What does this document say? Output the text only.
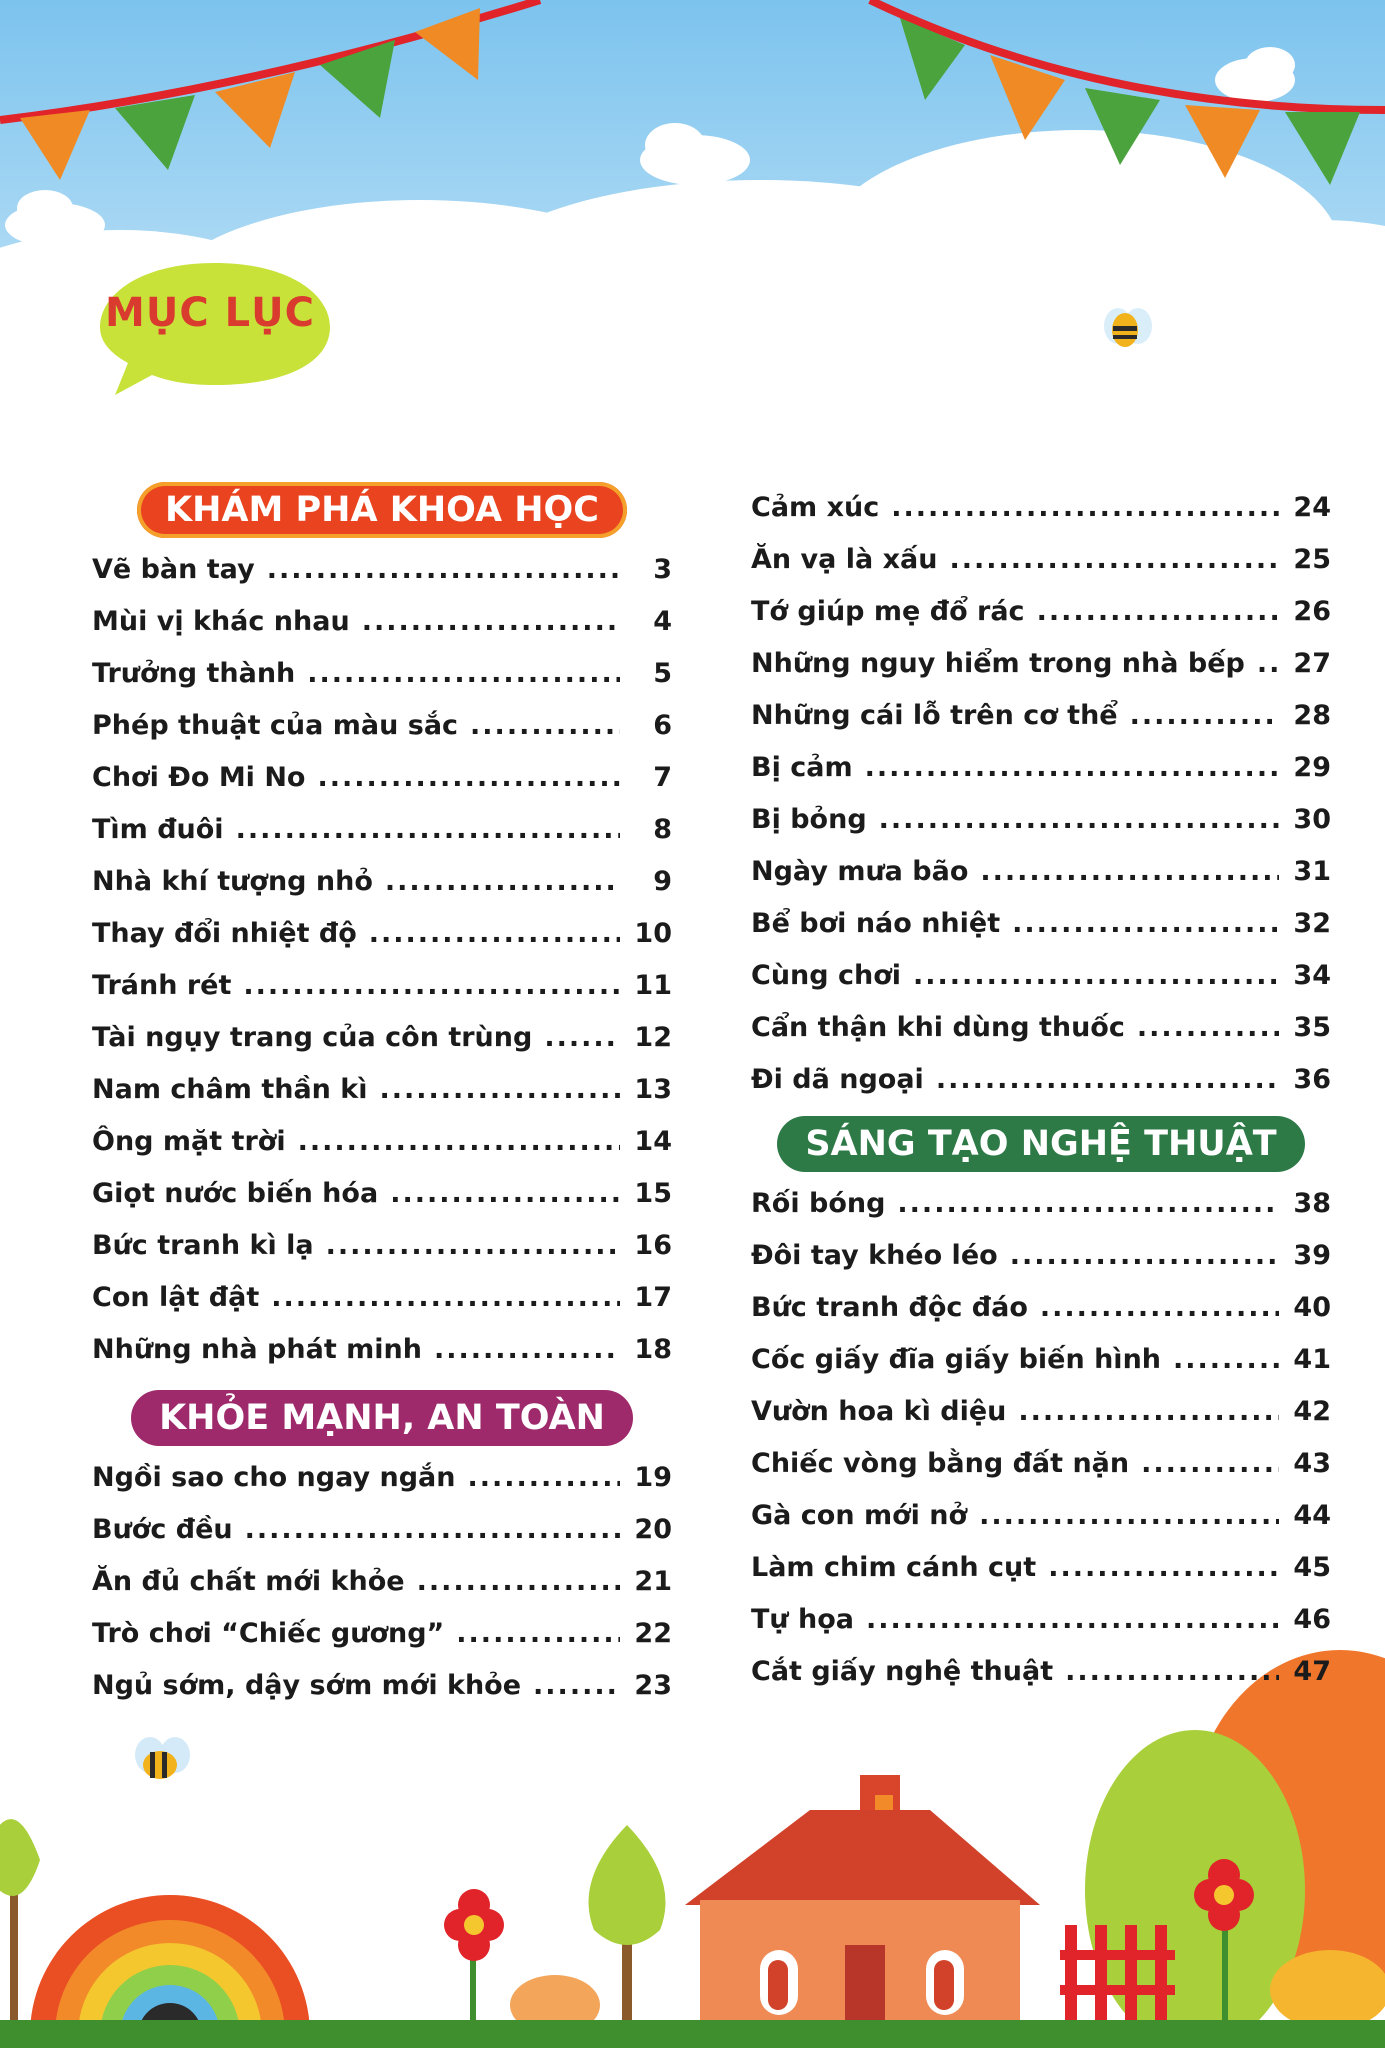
MỤC LỤC
KHÁM PHÁ KHOA HỌC
Vẽ bàn tay .....	3
Mùi vị khác nhau .....	4
Trưởng thành .....	5
Phép thuật của màu sắc .....	6
Chơi Đo Mi No .....	7
Tìm đuôi .....	8
Nhà khí tượng nhỏ .....	9
Thay đổi nhiệt độ .....	10
Tránh rét .....	11
Tài ngụy trang của côn trùng .....	12
Nam châm thần kì .....	13
Ông mặt trời .....	14
Giọt nước biến hóa .....	15
Bức tranh kì lạ .....	16
Con lật đật .....	17
Những nhà phát minh .....	18
KHỎE MẠNH, AN TOÀN
Ngồi sao cho ngay ngắn .....	19
Bước đều .....	20
Ăn đủ chất mới khỏe .....	21
Trò chơi “Chiếc gương” .....	22
Ngủ sớm, dậy sớm mới khỏe .....	23
Cảm xúc .....	24
Ăn vạ là xấu .....	25
Tớ giúp mẹ đổ rác .....	26
Những nguy hiểm trong nhà bếp ..... 27
Những cái lỗ trên cơ thể .....	28
Bị cảm .....	29
Bị bỏng .....	30
Ngày mưa bão .....	31
Bể bơi náo nhiệt .....	32
Cùng chơi .....	34
Cẩn thận khi dùng thuốc .....	35
Đi dã ngoại .....	36
SÁNG TẠO NGHỆ THUẬT
Rối bóng .....	38
Đôi tay khéo léo .....	39
Bức tranh độc đáo .....	40
Cốc giấy đĩa giấy biến hình .....	41
Vườn hoa kì diệu .....	42
Chiếc vòng bằng đất nặn .....	43
Gà con mới nở .....	44
Làm chim cánh cụt .....	45
Tự họa .....	46
Cắt giấy nghệ thuật .....	47
